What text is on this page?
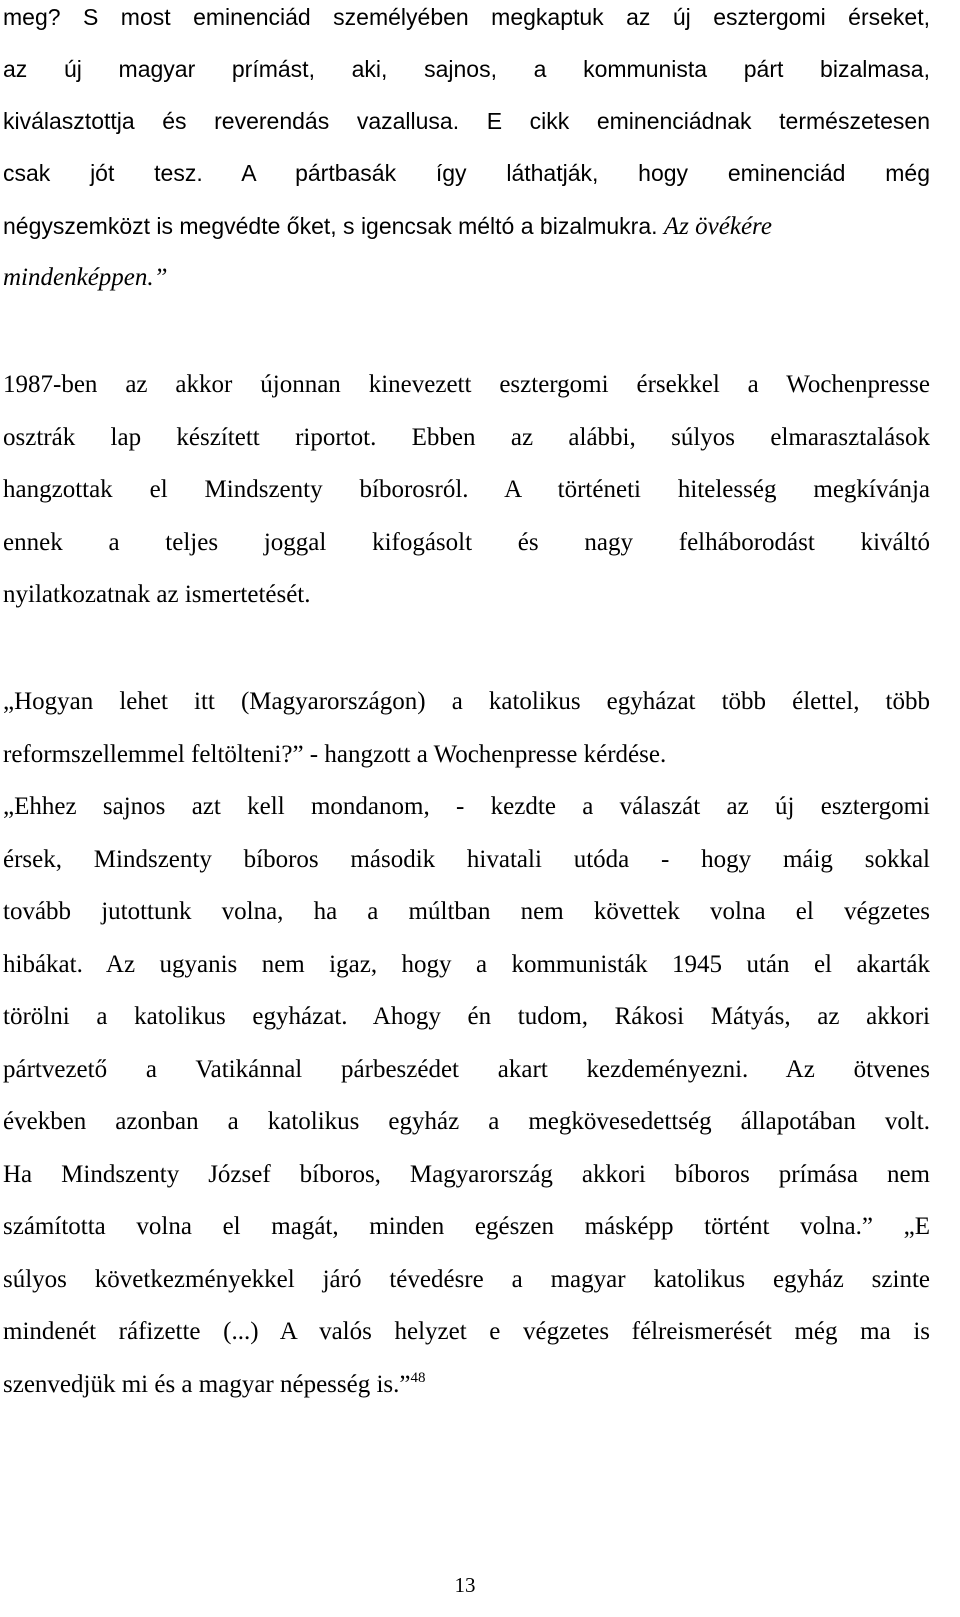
meg? S most eminenciád személyében megkaptuk az új esztergomi érseket,
az új magyar prímást, aki, sajnos, a kommunista párt bizalmasa,
kiválasztottja és reverendás vazallusa. E cikk eminenciádnak természetesen
csak jót tesz. A pártbasák így láthatják, hogy eminenciád még
négyszemközt is megvédte őket, s igencsak méltó a bizalmukra. Az övékére
mindenképpen.”
1987-ben az akkor újonnan kinevezett esztergomi érsekkel a Wochenpresse
osztrák lap készített riportot. Ebben az alábbi, súlyos elmarasztalások
hangzottak el Mindszenty bíborosról. A történeti hitelesség megkívánja
ennek a teljes joggal kifogásolt és nagy felháborodást kiváltó
nyilatkozatnak az ismertetését.
„Hogyan lehet itt (Magyarországon) a katolikus egyházat több élettel, több
reformszellemmel feltölteni?” - hangzott a Wochenpresse kérdése.
„Ehhez sajnos azt kell mondanom, - kezdte a válaszát az új esztergomi
érsek, Mindszenty bíboros második hivatali utóda - hogy máig sokkal
tovább jutottunk volna, ha a múltban nem követtek volna el végzetes
hibákat. Az ugyanis nem igaz, hogy a kommunisták 1945 után el akarták
törölni a katolikus egyházat. Ahogy én tudom, Rákosi Mátyás, az akkori
pártvezető a Vatikánnal párbeszédet akart kezdeményezni. Az ötvenes
években azonban a katolikus egyház a megkövesedettség állapotában volt.
Ha Mindszenty József bíboros, Magyarország akkori bíboros prímása nem
számította volna el magát, minden egészen másképp történt volna.” „E
súlyos következményekkel járó tévedésre a magyar katolikus egyház szinte
mindenét ráfizette (...) A valós helyzet e végzetes félreismerését még ma is
szenvedjük mi és a magyar népesség is.”$^{48}$
13
